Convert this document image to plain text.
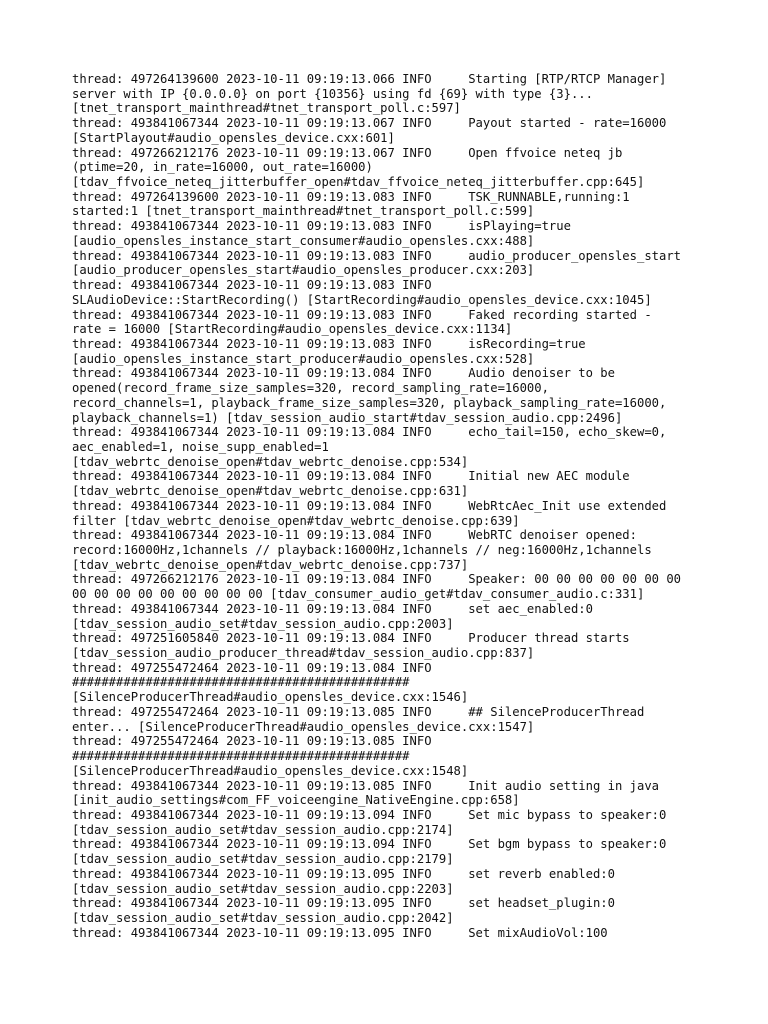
thread: 497264139600 2023-10-11 09:19:13.066 INFO     Starting [RTP/RTCP Manager]
server with IP {0.0.0.0} on port {10356} using fd {69} with type {3}...
[tnet_transport_mainthread#tnet_transport_poll.c:597]
thread: 493841067344 2023-10-11 09:19:13.067 INFO     Payout started - rate=16000
[StartPlayout#audio_opensles_device.cxx:601]
thread: 497266212176 2023-10-11 09:19:13.067 INFO     Open ffvoice neteq jb
(ptime=20, in_rate=16000, out_rate=16000)
[tdav_ffvoice_neteq_jitterbuffer_open#tdav_ffvoice_neteq_jitterbuffer.cpp:645]
thread: 497264139600 2023-10-11 09:19:13.083 INFO     TSK_RUNNABLE,running:1
started:1 [tnet_transport_mainthread#tnet_transport_poll.c:599]
thread: 493841067344 2023-10-11 09:19:13.083 INFO     isPlaying=true
[audio_opensles_instance_start_consumer#audio_opensles.cxx:488]
thread: 493841067344 2023-10-11 09:19:13.083 INFO     audio_producer_opensles_start
[audio_producer_opensles_start#audio_opensles_producer.cxx:203]
thread: 493841067344 2023-10-11 09:19:13.083 INFO
SLAudioDevice::StartRecording() [StartRecording#audio_opensles_device.cxx:1045]
thread: 493841067344 2023-10-11 09:19:13.083 INFO     Faked recording started -
rate = 16000 [StartRecording#audio_opensles_device.cxx:1134]
thread: 493841067344 2023-10-11 09:19:13.083 INFO     isRecording=true
[audio_opensles_instance_start_producer#audio_opensles.cxx:528]
thread: 493841067344 2023-10-11 09:19:13.084 INFO     Audio denoiser to be
opened(record_frame_size_samples=320, record_sampling_rate=16000,
record_channels=1, playback_frame_size_samples=320, playback_sampling_rate=16000,
playback_channels=1) [tdav_session_audio_start#tdav_session_audio.cpp:2496]
thread: 493841067344 2023-10-11 09:19:13.084 INFO     echo_tail=150, echo_skew=0,
aec_enabled=1, noise_supp_enabled=1
[tdav_webrtc_denoise_open#tdav_webrtc_denoise.cpp:534]
thread: 493841067344 2023-10-11 09:19:13.084 INFO     Initial new AEC module
[tdav_webrtc_denoise_open#tdav_webrtc_denoise.cpp:631]
thread: 493841067344 2023-10-11 09:19:13.084 INFO     WebRtcAec_Init use extended
filter [tdav_webrtc_denoise_open#tdav_webrtc_denoise.cpp:639]
thread: 493841067344 2023-10-11 09:19:13.084 INFO     WebRTC denoiser opened:
record:16000Hz,1channels // playback:16000Hz,1channels // neg:16000Hz,1channels
[tdav_webrtc_denoise_open#tdav_webrtc_denoise.cpp:737]
thread: 497266212176 2023-10-11 09:19:13.084 INFO     Speaker: 00 00 00 00 00 00 00
00 00 00 00 00 00 00 00 00 [tdav_consumer_audio_get#tdav_consumer_audio.c:331]
thread: 493841067344 2023-10-11 09:19:13.084 INFO     set aec_enabled:0
[tdav_session_audio_set#tdav_session_audio.cpp:2003]
thread: 497251605840 2023-10-11 09:19:13.084 INFO     Producer thread starts
[tdav_session_audio_producer_thread#tdav_session_audio.cpp:837]
thread: 497255472464 2023-10-11 09:19:13.084 INFO
##############################################
[SilenceProducerThread#audio_opensles_device.cxx:1546]
thread: 497255472464 2023-10-11 09:19:13.085 INFO     ## SilenceProducerThread
enter... [SilenceProducerThread#audio_opensles_device.cxx:1547]
thread: 497255472464 2023-10-11 09:19:13.085 INFO
##############################################
[SilenceProducerThread#audio_opensles_device.cxx:1548]
thread: 493841067344 2023-10-11 09:19:13.085 INFO     Init audio setting in java
[init_audio_settings#com_FF_voiceengine_NativeEngine.cpp:658]
thread: 493841067344 2023-10-11 09:19:13.094 INFO     Set mic bypass to speaker:0
[tdav_session_audio_set#tdav_session_audio.cpp:2174]
thread: 493841067344 2023-10-11 09:19:13.094 INFO     Set bgm bypass to speaker:0
[tdav_session_audio_set#tdav_session_audio.cpp:2179]
thread: 493841067344 2023-10-11 09:19:13.095 INFO     set reverb enabled:0
[tdav_session_audio_set#tdav_session_audio.cpp:2203]
thread: 493841067344 2023-10-11 09:19:13.095 INFO     set headset_plugin:0
[tdav_session_audio_set#tdav_session_audio.cpp:2042]
thread: 493841067344 2023-10-11 09:19:13.095 INFO     Set mixAudioVol:100
